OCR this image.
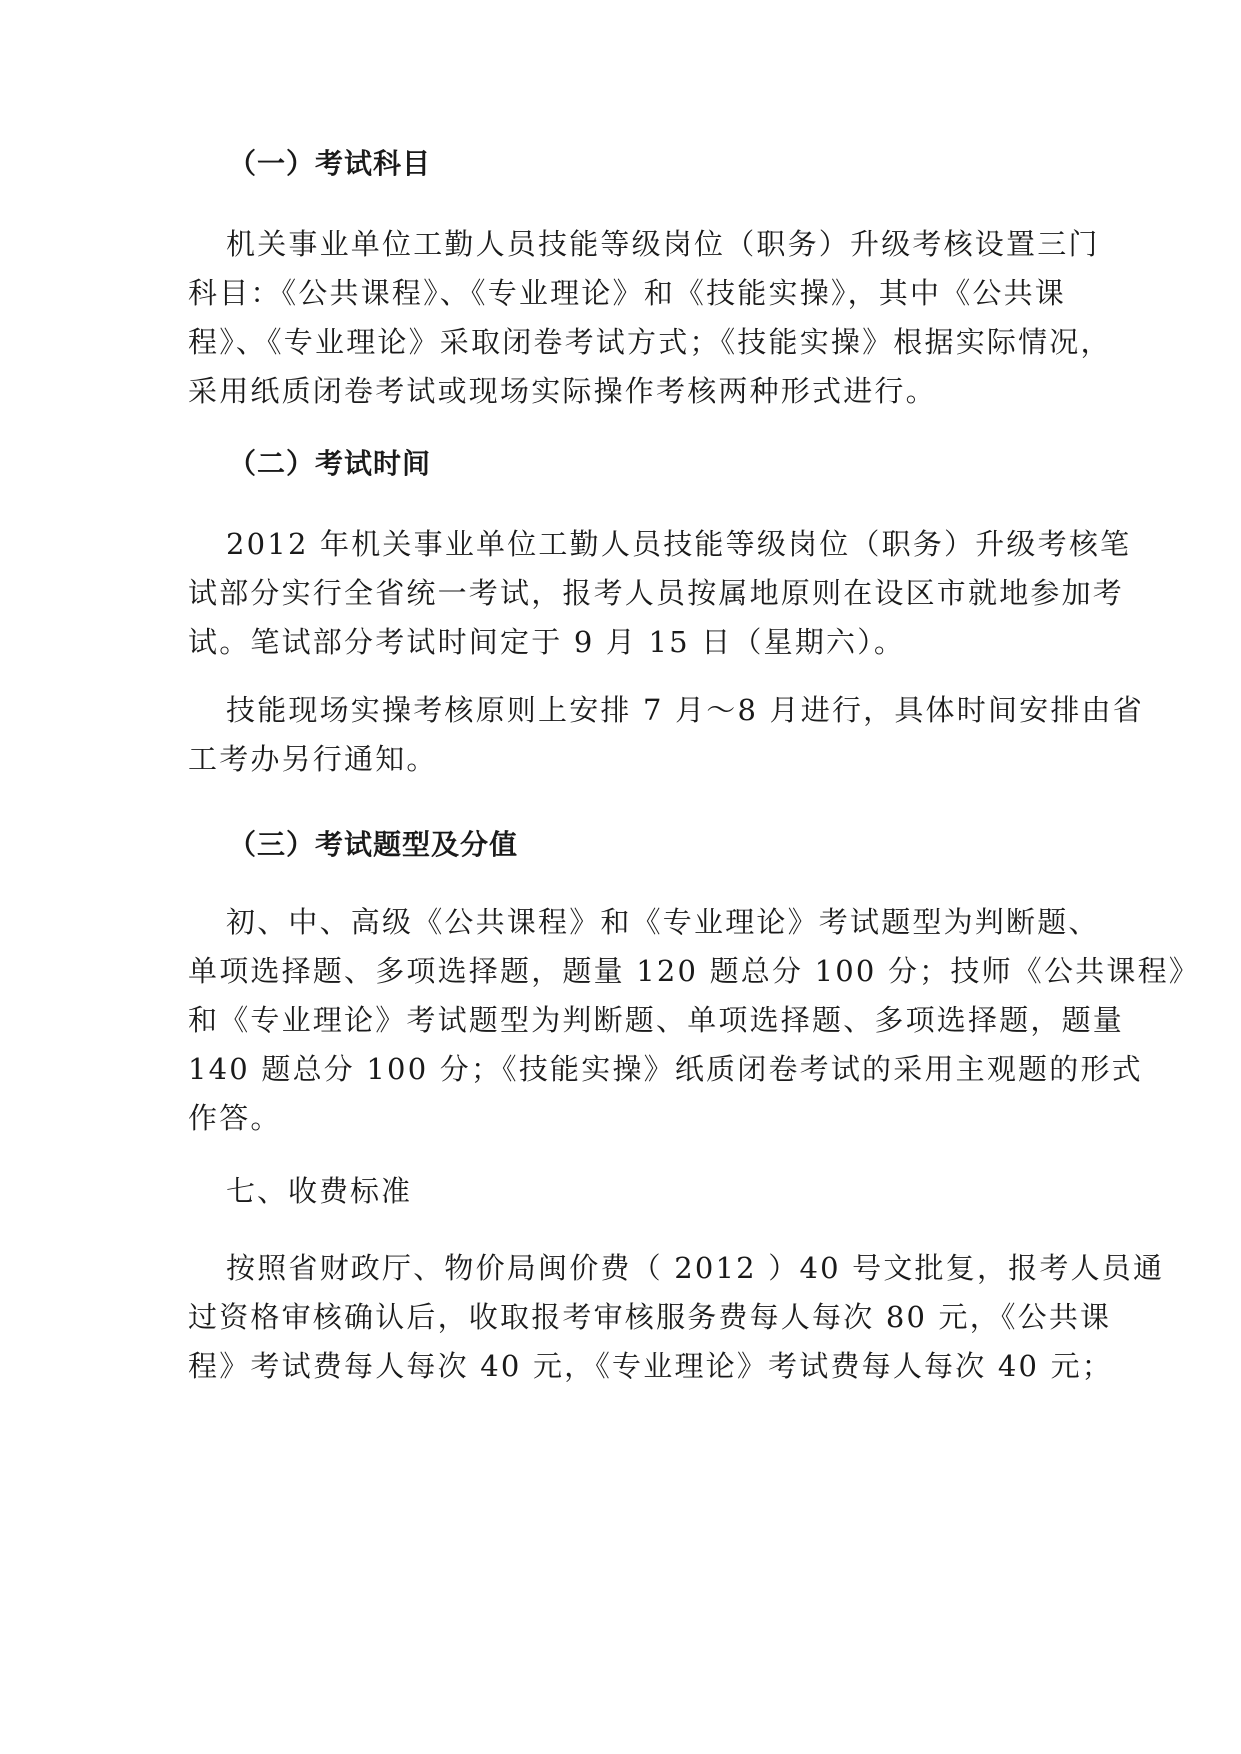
（一）考试科目
机关事业单位工勤人员技能等级岗位（职务）升级考核设置三门
科目：《公共课程》、《专业理论》和《技能实操》，其中《公共课
程》、《专业理论》采取闭卷考试方式；《技能实操》根据实际情况，
采用纸质闭卷考试或现场实际操作考核两种形式进行。
（二）考试时间
2012 年机关事业单位工勤人员技能等级岗位（职务）升级考核笔
试部分实行全省统一考试，报考人员按属地原则在设区市就地参加考
试。笔试部分考试时间定于 9 月 15 日（星期六）。
技能现场实操考核原则上安排 7 月～8 月进行，具体时间安排由省
工考办另行通知。
（三）考试题型及分值
初、中、高级《公共课程》和《专业理论》考试题型为判断题、
单项选择题、多项选择题，题量 120 题总分 100 分；技师《公共课程》
和《专业理论》考试题型为判断题、单项选择题、多项选择题，题量
140 题总分 100 分；《技能实操》纸质闭卷考试的采用主观题的形式
作答。
七、收费标准
按照省财政厅、物价局闽价费（ 2012 ）40 号文批复，报考人员通
过资格审核确认后，收取报考审核服务费每人每次 80 元，《公共课
程》考试费每人每次 40 元，《专业理论》考试费每人每次 40 元；
